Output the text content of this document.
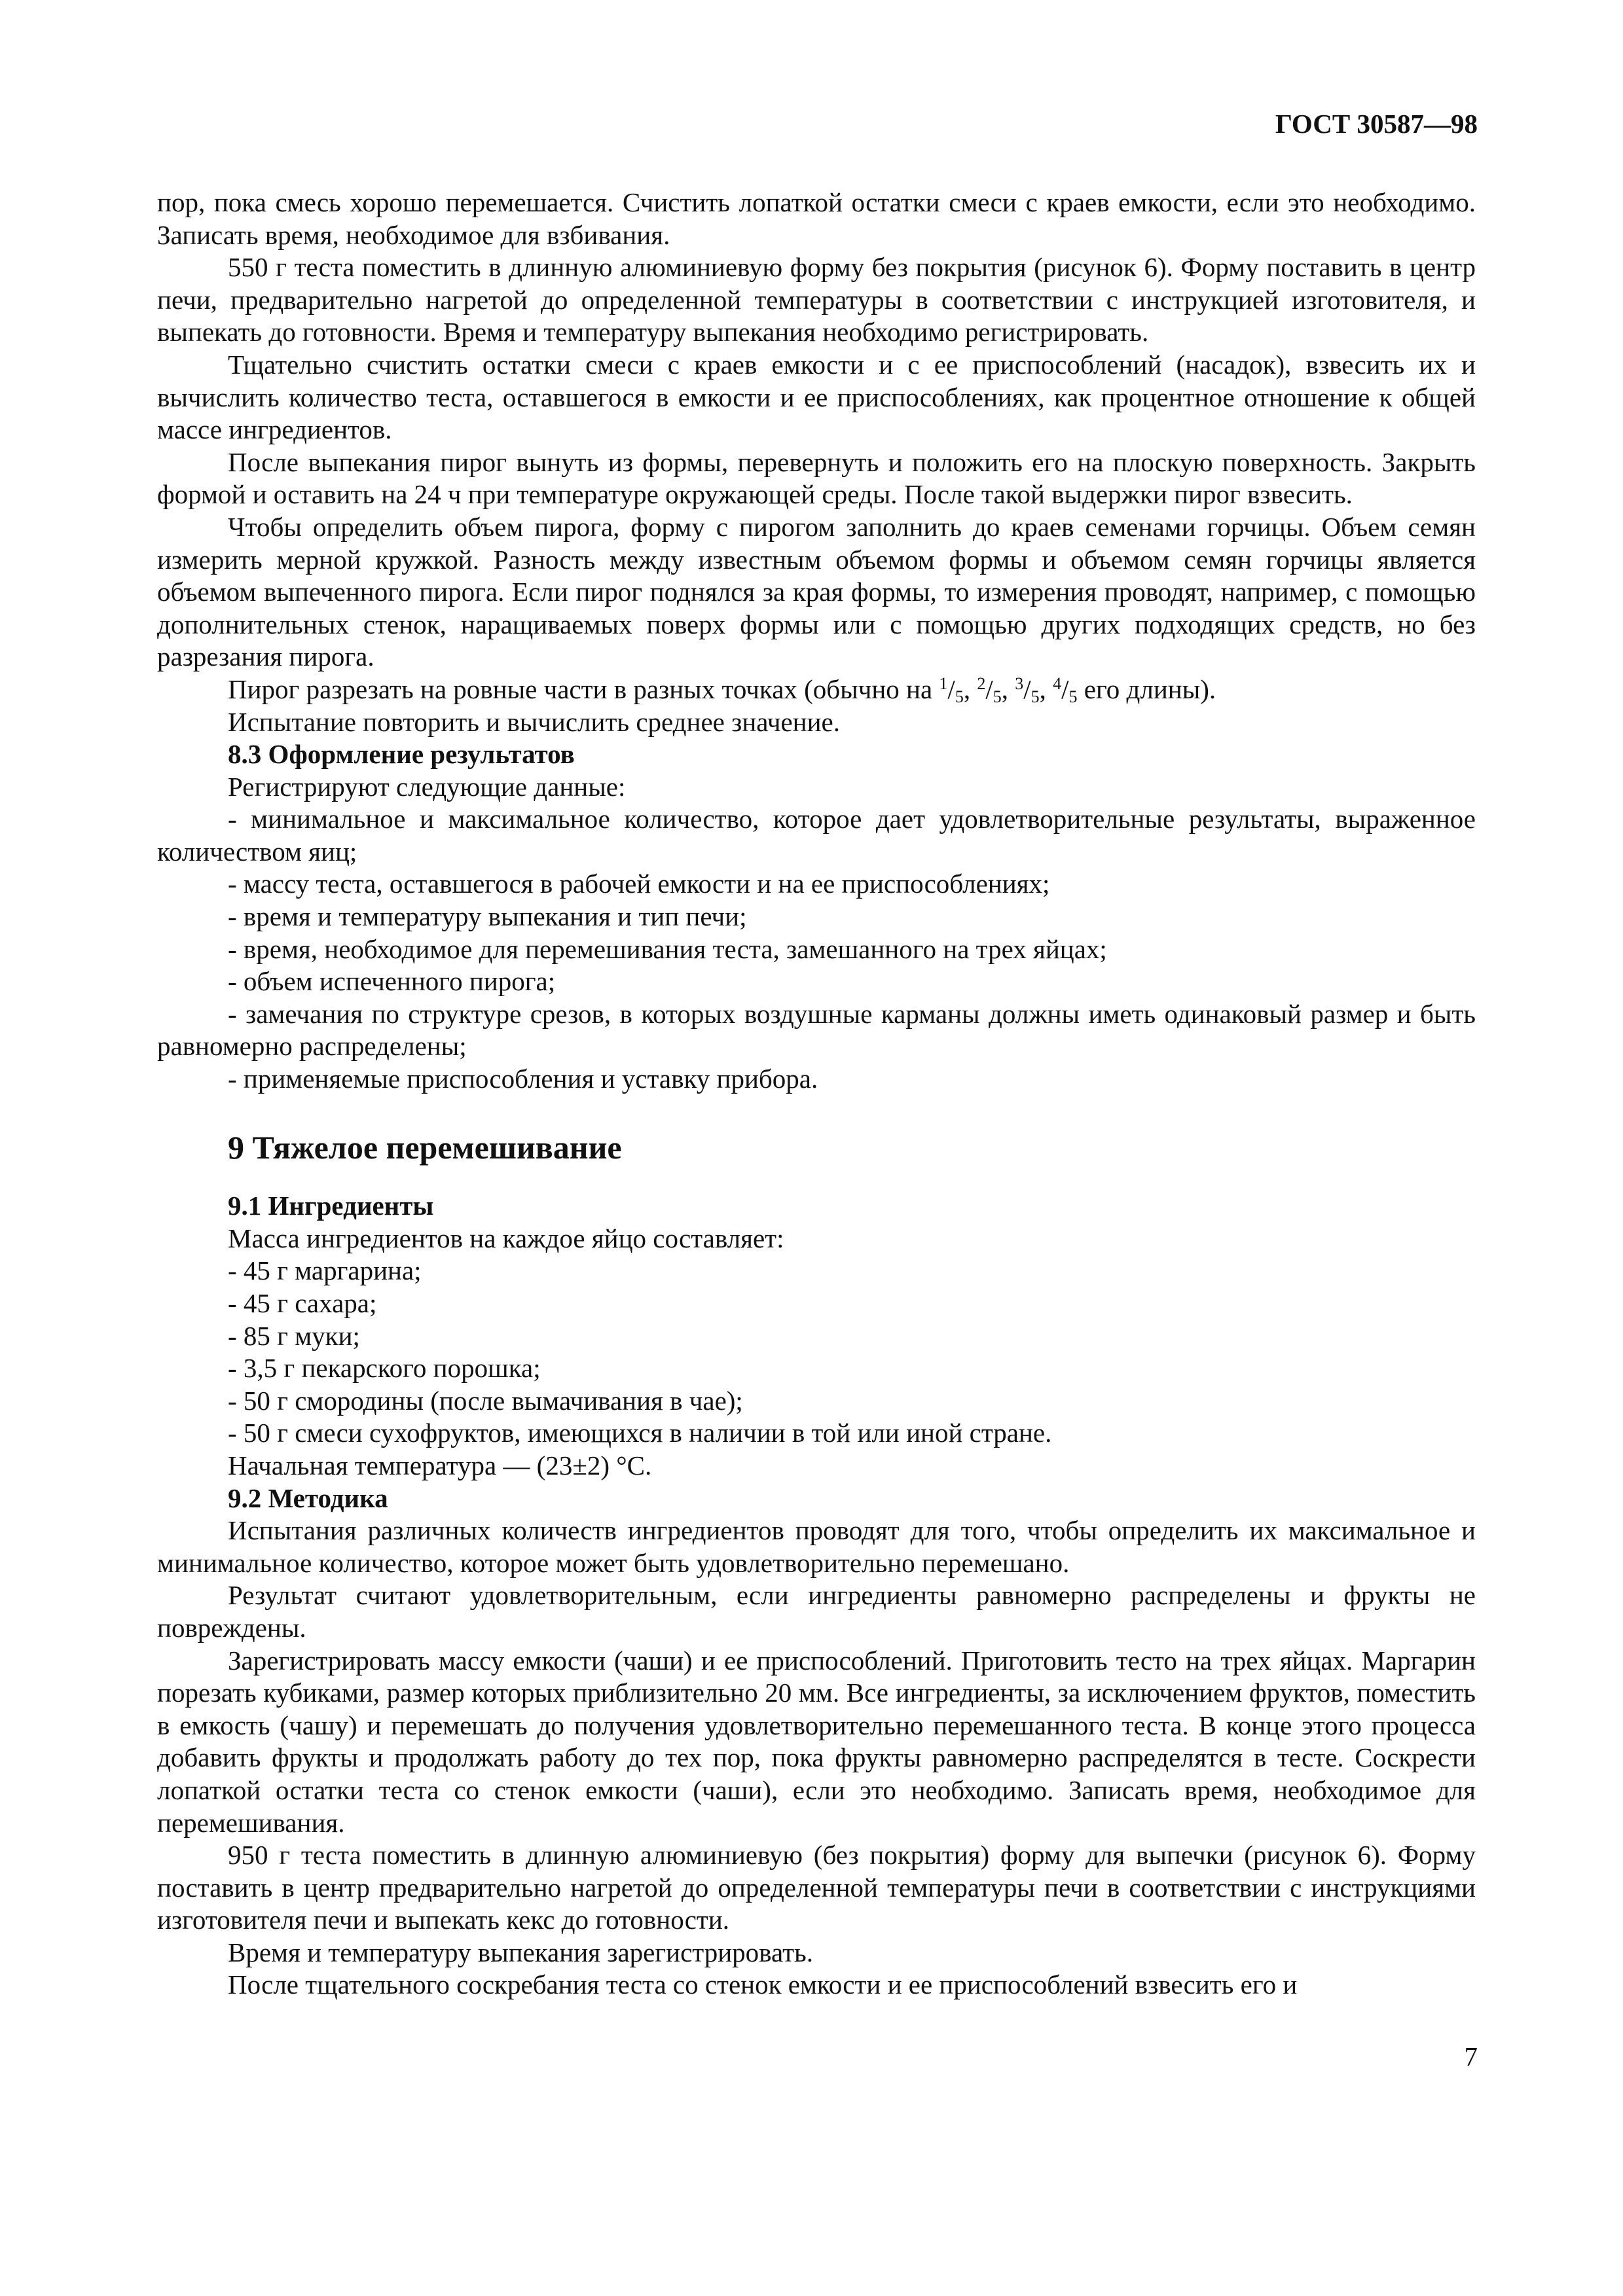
ГОСТ 30587—98

пор, пока смесь хорошо перемешается. Счистить лопаткой остатки смеси с краев емкости, если это необходимо. Записать время, необходимое для взбивания.

550 г теста поместить в длинную алюминиевую форму без покрытия (рисунок 6). Форму поставить в центр печи, предварительно нагретой до определенной температуры в соответствии с инструкцией изготовителя, и выпекать до готовности. Время и температуру выпекания необходимо регистрировать.

Тщательно счистить остатки смеси с краев емкости и с ее приспособлений (насадок), взвесить их и вычислить количество теста, оставшегося в емкости и ее приспособлениях, как процентное отношение к общей массе ингредиентов.

После выпекания пирог вынуть из формы, перевернуть и положить его на плоскую поверхность. Закрыть формой и оставить на 24 ч при температуре окружающей среды. После такой выдержки пирог взвесить.

Чтобы определить объем пирога, форму с пирогом заполнить до краев семенами горчицы. Объем семян измерить мерной кружкой. Разность между известным объемом формы и объемом семян горчицы является объемом выпеченного пирога. Если пирог поднялся за края формы, то измерения проводят, например, с помощью дополнительных стенок, наращиваемых поверх формы или с помощью других подходящих средств, но без разрезания пирога.

Пирог разрезать на ровные части в разных точках (обычно на $^1/_5$, $^2/_5$, $^3/_5$, $^4/_5$ его длины).

Испытание повторить и вычислить среднее значение.

8.3 Оформление результатов

Регистрируют следующие данные:

- минимальное и максимальное количество, которое дает удовлетворительные результаты, выраженное количеством яиц;

- массу теста, оставшегося в рабочей емкости и на ее приспособлениях;

- время и температуру выпекания и тип печи;

- время, необходимое для перемешивания теста, замешанного на трех яйцах;

- объем испеченного пирога;

- замечания по структуре срезов, в которых воздушные карманы должны иметь одинаковый размер и быть равномерно распределены;

- применяемые приспособления и уставку прибора.

9 Тяжелое перемешивание

9.1 Ингредиенты

Масса ингредиентов на каждое яйцо составляет:

- 45 г маргарина;

- 45 г сахара;

- 85 г муки;

- 3,5 г пекарского порошка;

- 50 г смородины (после вымачивания в чае);

- 50 г смеси сухофруктов, имеющихся в наличии в той или иной стране.

Начальная температура — (23±2) °С.

9.2 Методика

Испытания различных количеств ингредиентов проводят для того, чтобы определить их максимальное и минимальное количество, которое может быть удовлетворительно перемешано.

Результат считают удовлетворительным, если ингредиенты равномерно распределены и фрукты не повреждены.

Зарегистрировать массу емкости (чаши) и ее приспособлений. Приготовить тесто на трех яйцах. Маргарин порезать кубиками, размер которых приблизительно 20 мм. Все ингредиенты, за исключением фруктов, поместить в емкость (чашу) и перемешать до получения удовлетворительно перемешанного теста. В конце этого процесса добавить фрукты и продолжать работу до тех пор, пока фрукты равномерно распределятся в тесте. Соскрести лопаткой остатки теста со стенок емкости (чаши), если это необходимо. Записать время, необходимое для перемешивания.

950 г теста поместить в длинную алюминиевую (без покрытия) форму для выпечки (рисунок 6). Форму поставить в центр предварительно нагретой до определенной температуры печи в соответствии с инструкциями изготовителя печи и выпекать кекс до готовности.

Время и температуру выпекания зарегистрировать.

После тщательного соскребания теста со стенок емкости и ее приспособлений взвесить его и

7
